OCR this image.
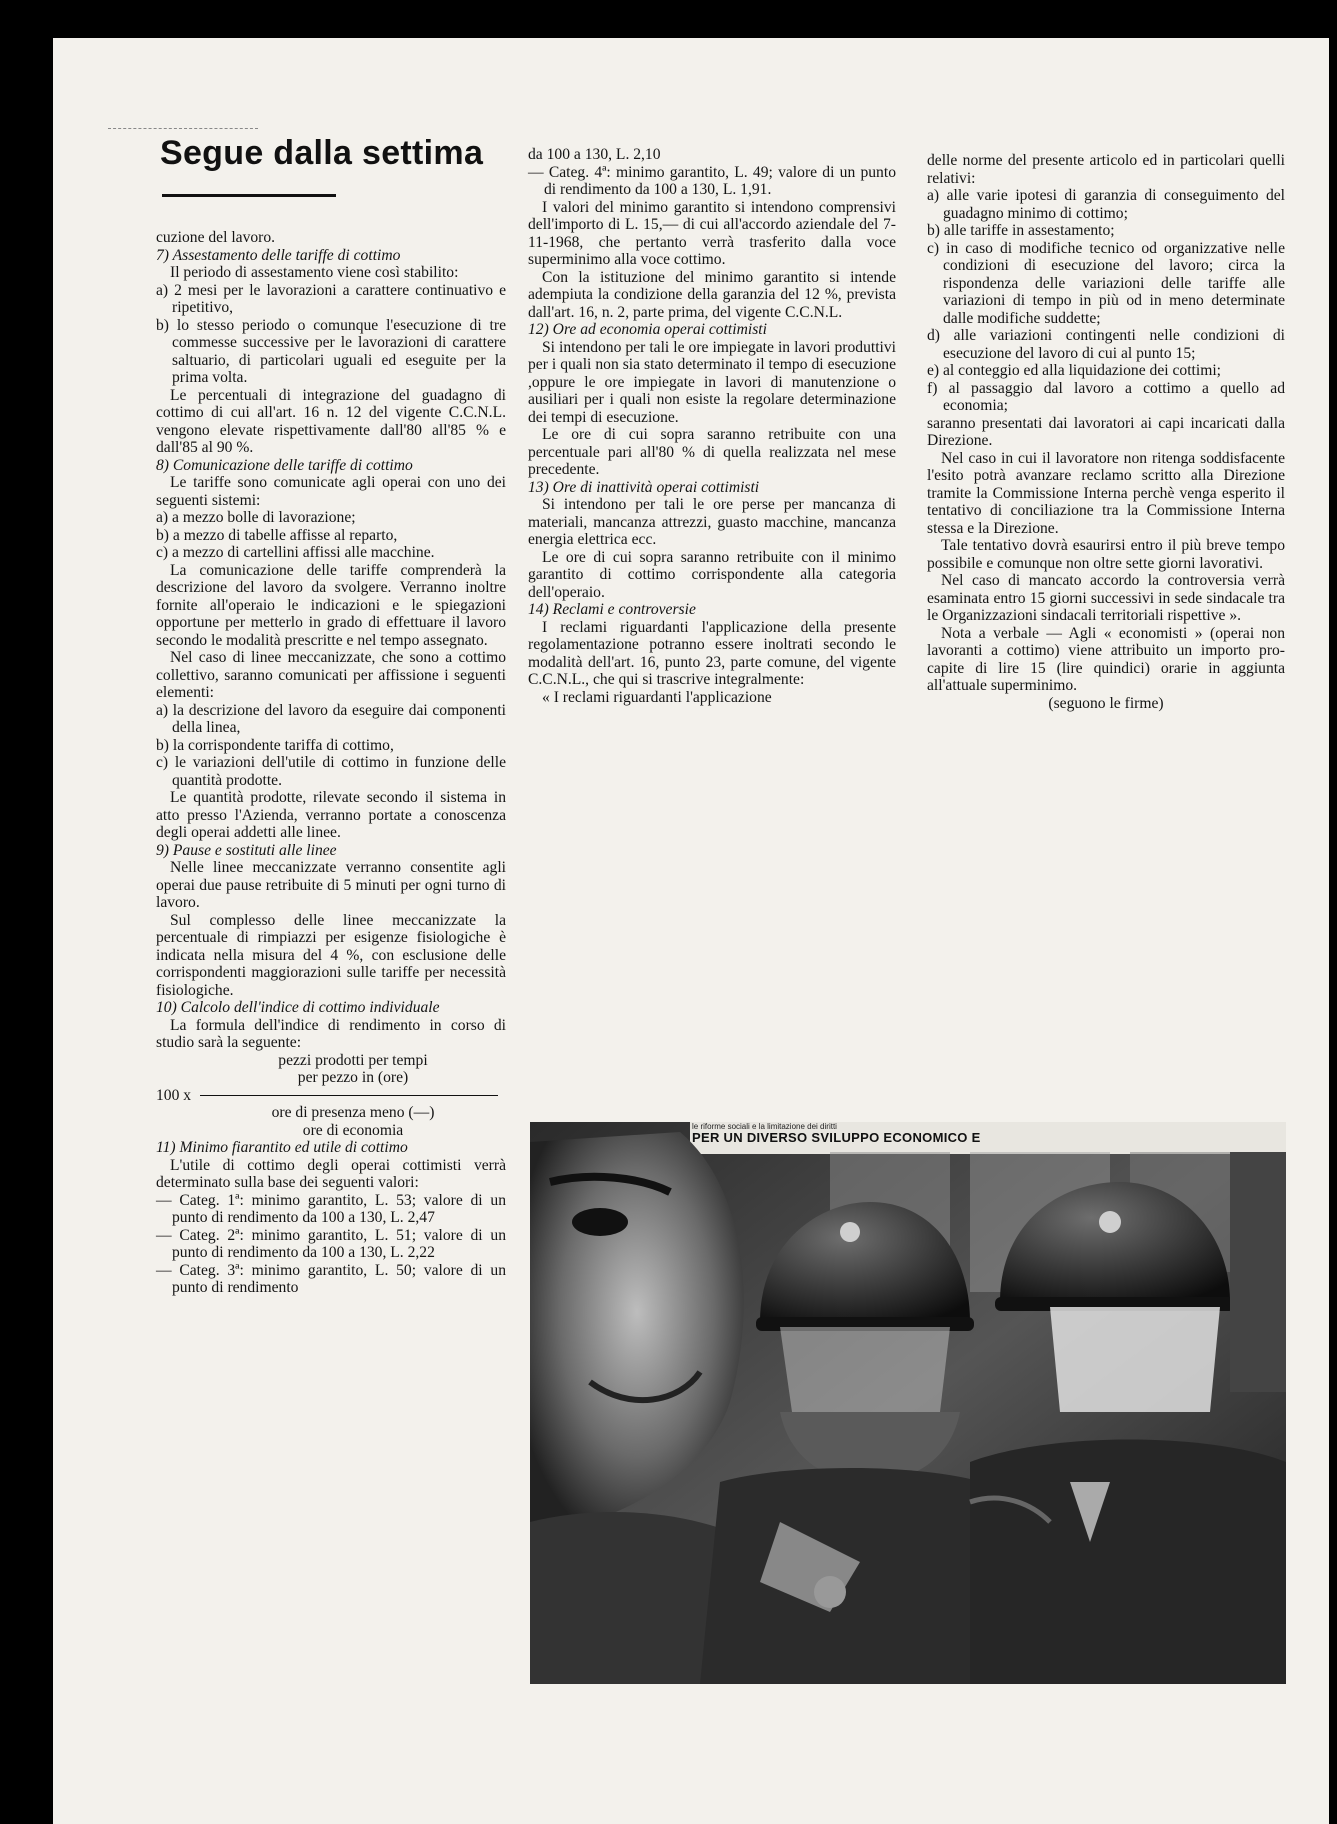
Segue dalla settima

cuzione del lavoro.

7) Assestamento delle tariffe di cottimo

Il periodo di assestamento viene così stabilito:

a) 2 mesi per le lavorazioni a carattere continuativo e ripetitivo,

b) lo stesso periodo o comunque l'esecuzione di tre commesse successive per le lavorazioni di carattere saltuario, di particolari uguali ed eseguite per la prima volta.

Le percentuali di integrazione del guadagno di cottimo di cui all'art. 16 n. 12 del vigente C.C.N.L. vengono elevate rispettivamente dall'80 all'85 % e dall'85 al 90 %.

8) Comunicazione delle tariffe di cottimo

Le tariffe sono comunicate agli operai con uno dei seguenti sistemi:

a) a mezzo bolle di lavorazione;

b) a mezzo di tabelle affisse al reparto,

c) a mezzo di cartellini affissi alle macchine.

La comunicazione delle tariffe comprenderà la descrizione del lavoro da svolgere. Verranno inoltre fornite all'operaio le indicazioni e le spiegazioni opportune per metterlo in grado di effettuare il lavoro secondo le modalità prescritte e nel tempo assegnato.

Nel caso di linee meccanizzate, che sono a cottimo collettivo, saranno comunicati per affissione i seguenti elementi:

a) la descrizione del lavoro da eseguire dai componenti della linea,

b) la corrispondente tariffa di cottimo,

c) le variazioni dell'utile di cottimo in funzione delle quantità prodotte.

Le quantità prodotte, rilevate secondo il sistema in atto presso l'Azienda, verranno portate a conoscenza degli operai addetti alle linee.

9) Pause e sostituti alle linee

Nelle linee meccanizzate verranno consentite agli operai due pause retribuite di 5 minuti per ogni turno di lavoro.

Sul complesso delle linee meccanizzate la percentuale di rimpiazzi per esigenze fisiologiche è indicata nella misura del 4 %, con esclusione delle corrispondenti maggiorazioni sulle tariffe per necessità fisiologiche.

10) Calcolo dell'indice di cottimo individuale

La formula dell'indice di rendimento in corso di studio sarà la seguente:

pezzi prodotti per tempi
per pezzo in (ore)
100 x
ore di presenza meno (—)
ore di economia

11) Minimo fiarantito ed utile di cottimo

L'utile di cottimo degli operai cottimisti verrà determinato sulla base dei seguenti valori:

— Categ. 1ª: minimo garantito, L. 53; valore di un punto di rendimento da 100 a 130, L. 2,47

— Categ. 2ª: minimo garantito, L. 51; valore di un punto di rendimento da 100 a 130, L. 2,22

— Categ. 3ª: minimo garantito, L. 50; valore di un punto di rendimento

da 100 a 130, L. 2,10

— Categ. 4ª: minimo garantito, L. 49; valore di un punto di rendimento da 100 a 130, L. 1,91.

I valori del minimo garantito si intendono comprensivi dell'importo di L. 15,— di cui all'accordo aziendale del 7-11-1968, che pertanto verrà trasferito dalla voce superminimo alla voce cottimo.

Con la istituzione del minimo garantito si intende adempiuta la condizione della garanzia del 12 %, prevista dall'art. 16, n. 2, parte prima, del vigente C.C.N.L.

12) Ore ad economia operai cottimisti

Si intendono per tali le ore impiegate in lavori produttivi per i quali non sia stato determinato il tempo di esecuzione ,oppure le ore impiegate in lavori di manutenzione o ausiliari per i quali non esiste la regolare determinazione dei tempi di esecuzione.

Le ore di cui sopra saranno retribuite con una percentuale pari all'80 % di quella realizzata nel mese precedente.

13) Ore di inattività operai cottimisti

Si intendono per tali le ore perse per mancanza di materiali, mancanza attrezzi, guasto macchine, mancanza energia elettrica ecc.

Le ore di cui sopra saranno retribuite con il minimo garantito di cottimo corrispondente alla categoria dell'operaio.

14) Reclami e controversie

I reclami riguardanti l'applicazione della presente regolamentazione potranno essere inoltrati secondo le modalità dell'art. 16, punto 23, parte comune, del vigente C.C.N.L., che qui si trascrive integralmente:

« I reclami riguardanti l'applicazione

delle norme del presente articolo ed in particolari quelli relativi:

a) alle varie ipotesi di garanzia di conseguimento del guadagno minimo di cottimo;

b) alle tariffe in assestamento;

c) in caso di modifiche tecnico od organizzative nelle condizioni di esecuzione del lavoro; circa la rispondenza delle variazioni delle tariffe alle variazioni di tempo in più od in meno determinate dalle modifiche suddette;

d) alle variazioni contingenti nelle condizioni di esecuzione del lavoro di cui al punto 15;

e) al conteggio ed alla liquidazione dei cottimi;

f) al passaggio dal lavoro a cottimo a quello ad economia;

saranno presentati dai lavoratori ai capi incaricati dalla Direzione.

Nel caso in cui il lavoratore non ritenga soddisfacente l'esito potrà avanzare reclamo scritto alla Direzione tramite la Commissione Interna perchè venga esperito il tentativo di conciliazione tra la Commissione Interna stessa e la Direzione.

Tale tentativo dovrà esaurirsi entro il più breve tempo possibile e comunque non oltre sette giorni lavorativi.

Nel caso di mancato accordo la controversia verrà esaminata entro 15 giorni successivi in sede sindacale tra le Organizzazioni sindacali territoriali rispettive ».

Nota a verbale — Agli « economisti » (operai non lavoranti a cottimo) viene attribuito un importo pro-capite di lire 15 (lire quindici) orarie in aggiunta all'attuale superminimo.

(seguono le firme)

le riforme sociali e la limitazione dei diritti
PER UN DIVERSO SVILUPPO ECONOMICO E
